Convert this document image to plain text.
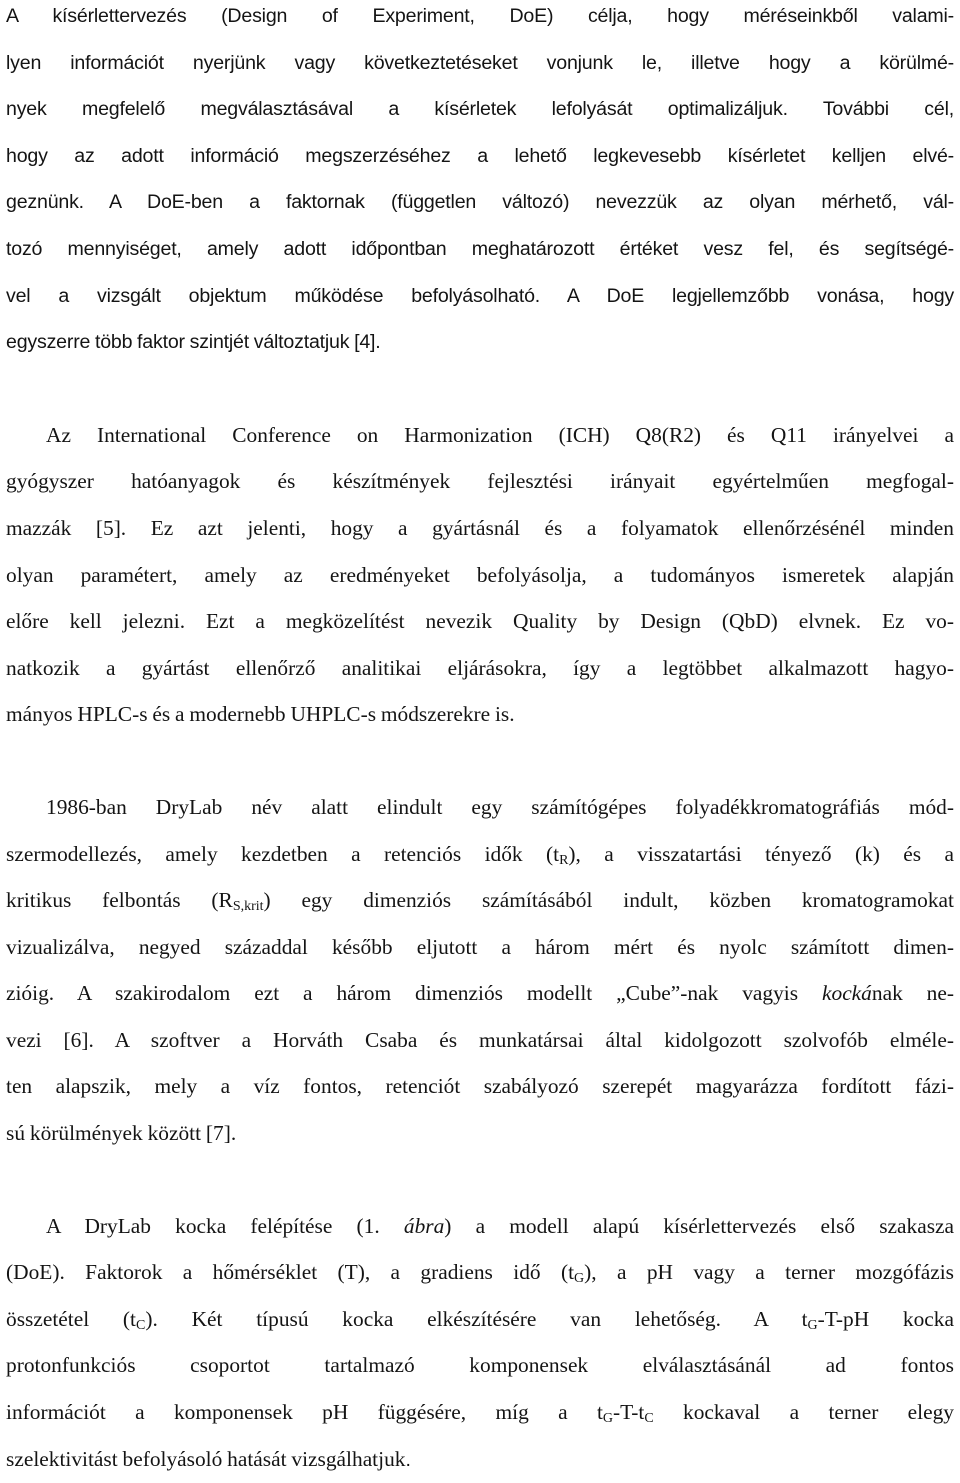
A kísérlettervezés (Design of Experiment, DoE) célja, hogy méréseinkből valami-
lyen információt nyerjünk vagy következtetéseket vonjunk le, illetve hogy a körülmé-
nyek megfelelő megválasztásával a kísérletek lefolyását optimalizáljuk. További cél,
hogy az adott információ megszerzéséhez a lehető legkevesebb kísérletet kelljen elvé-
geznünk. A DoE-ben a faktornak (független változó) nevezzük az olyan mérhető, vál-
tozó mennyiséget, amely adott időpontban meghatározott értéket vesz fel, és segítségé-
vel a vizsgált objektum működése befolyásolható. A DoE legjellemzőbb vonása, hogy
egyszerre több faktor szintjét változtatjuk [4].
Az International Conference on Harmonization (ICH) Q8(R2) és Q11 irányelvei a
gyógyszer hatóanyagok és készítmények fejlesztési irányait egyértelműen megfogal-
mazzák [5]. Ez azt jelenti, hogy a gyártásnál és a folyamatok ellenőrzésénél minden
olyan paramétert, amely az eredményeket befolyásolja, a tudományos ismeretek alapján
előre kell jelezni. Ezt a megközelítést nevezik Quality by Design (QbD) elvnek. Ez vo-
natkozik a gyártást ellenőrző analitikai eljárásokra, így a legtöbbet alkalmazott hagyo-
mányos HPLC-s és a modernebb UHPLC-s módszerekre is.
1986-ban DryLab név alatt elindult egy számítógépes folyadékkromatográfiás mód-
szermodellezés, amely kezdetben a retenciós idők $(t_R)$, a visszatartási tényező (k) és a
kritikus felbontás $(R_{S,krit})$ egy dimenziós számításából indult, közben kromatogramokat
vizualizálva, negyed századdal később eljutott a három mért és nyolc számított dimen-
zióig. A szakirodalom ezt a három dimenziós modellt „Cube”-nak vagyis kockának ne-
vezi [6]. A szoftver a Horváth Csaba és munkatársai által kidolgozott szolvofób elméle-
ten alapszik, mely a víz fontos, retenciót szabályozó szerepét magyarázza fordított fázi-
sú körülmények között [7].
A DryLab kocka felépítése (1. ábra) a modell alapú kísérlettervezés első szakasza
(DoE). Faktorok a hőmérséklet (T), a gradiens idő $(t_G)$, a pH vagy a terner mozgófázis
összetétel $(t_C)$. Két típusú kocka elkészítésére van lehetőség. A $t_G-T-pH$ kocka
protonfunkciós csoportot tartalmazó komponensek elválasztásánál ad fontos
információt a komponensek pH függésére, míg a $t_G-T-t_C$ kockaval a terner elegy
szelektivitást befolyásoló hatását vizsgálhatjuk.
